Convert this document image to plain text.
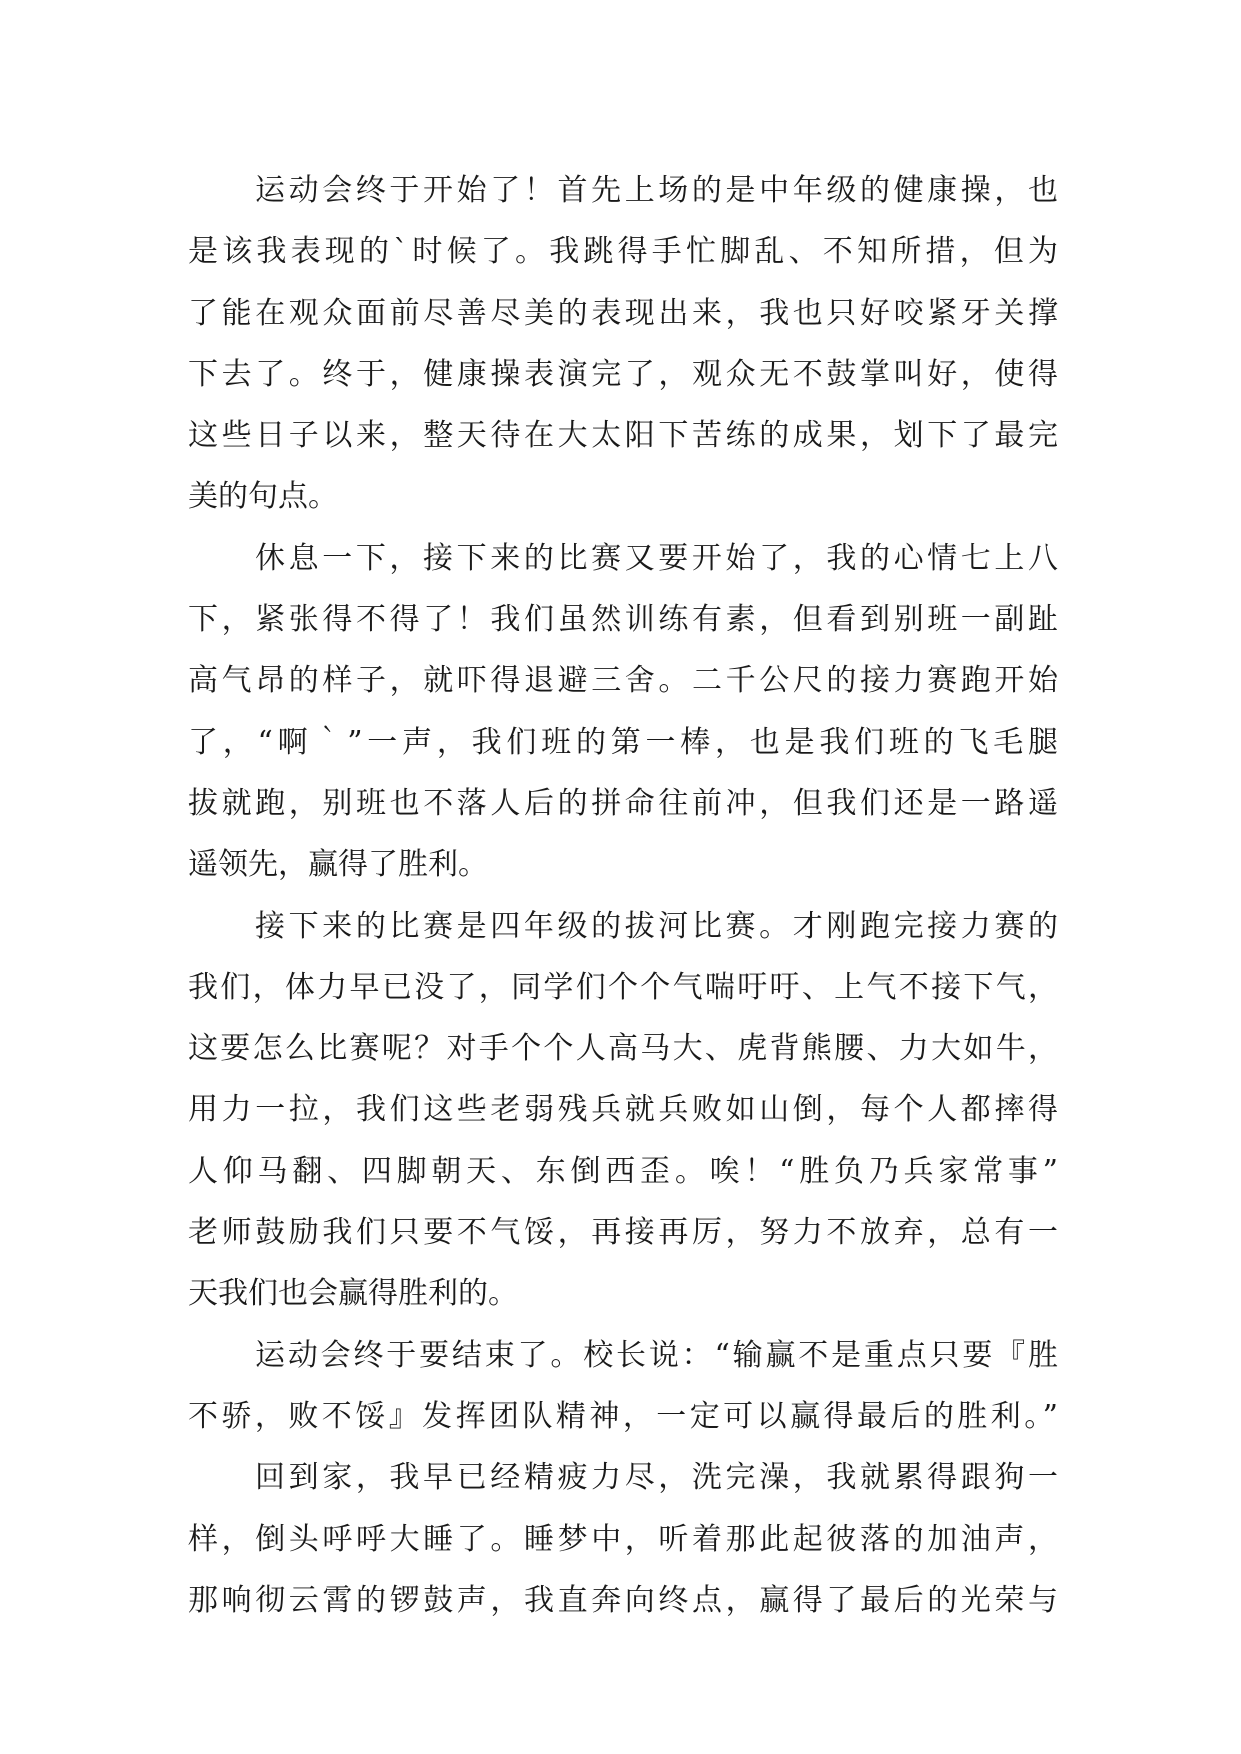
运动会终于开始了！首先上场的是中年级的健康操，也
是该我表现的`时候了。我跳得手忙脚乱、不知所措，但为
了能在观众面前尽善尽美的表现出来，我也只好咬紧牙关撑
下去了。终于，健康操表演完了，观众无不鼓掌叫好，使得
这些日子以来，整天待在大太阳下苦练的成果，划下了最完
美的句点。

休息一下，接下来的比赛又要开始了，我的心情七上八
下，紧张得不得了！我们虽然训练有素，但看到别班一副趾
高气昂的样子，就吓得退避三舍。二千公尺的接力赛跑开始
了，“啊｀”一声，我们班的第一棒，也是我们班的飞毛腿
拔就跑，别班也不落人后的拼命往前冲，但我们还是一路遥
遥领先，赢得了胜利。

接下来的比赛是四年级的拔河比赛。才刚跑完接力赛的
我们，体力早已没了，同学们个个气喘吁吁、上气不接下气，
这要怎么比赛呢？对手个个人高马大、虎背熊腰、力大如牛，
用力一拉，我们这些老弱残兵就兵败如山倒，每个人都摔得
人仰马翻、四脚朝天、东倒西歪。唉！“胜负乃兵家常事”
老师鼓励我们只要不气馁，再接再厉，努力不放弃，总有一
天我们也会赢得胜利的。

运动会终于要结束了。校长说：“输赢不是重点只要『胜
不骄，败不馁』发挥团队精神，一定可以赢得最后的胜利。”

回到家，我早已经精疲力尽，洗完澡，我就累得跟狗一
样，倒头呼呼大睡了。睡梦中，听着那此起彼落的加油声，
那响彻云霄的锣鼓声，我直奔向终点，赢得了最后的光荣与
